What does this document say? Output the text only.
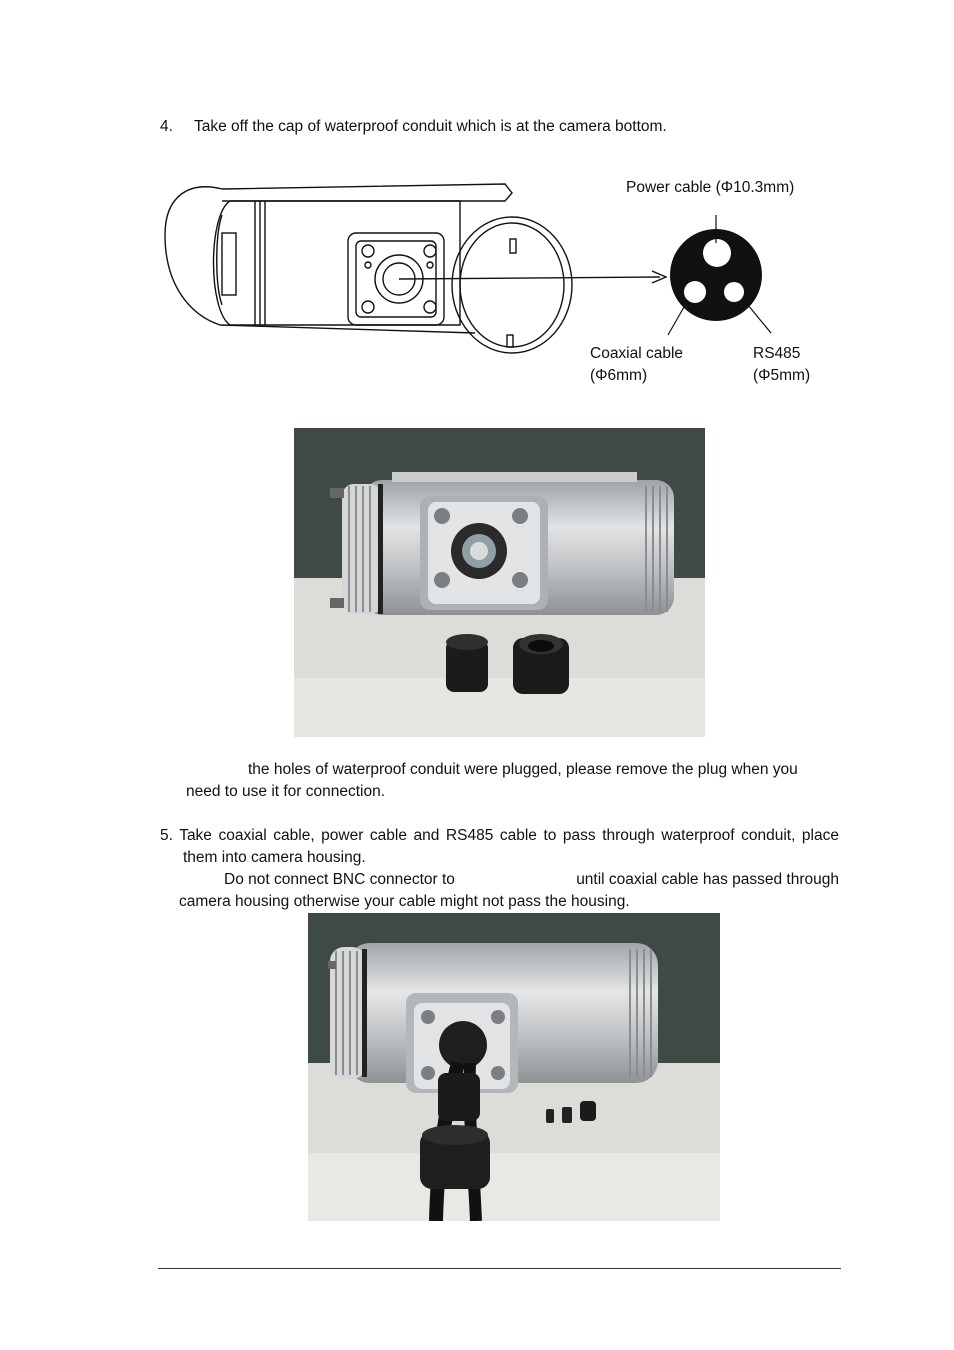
4. Take off the cap of waterproof conduit which is at the camera bottom.
Power cable (Φ10.3mm)
Coaxial cable
(Φ6mm)
RS485
(Φ5mm)
the holes of waterproof conduit were plugged, please remove the plug when you
need to use it for connection.
5. Take coaxial cable, power cable and RS485 cable to pass through waterproof conduit, place
them into camera housing.
Do not connect BNC connector to	until coaxial cable has passed through
camera housing otherwise your cable might not pass the housing.
